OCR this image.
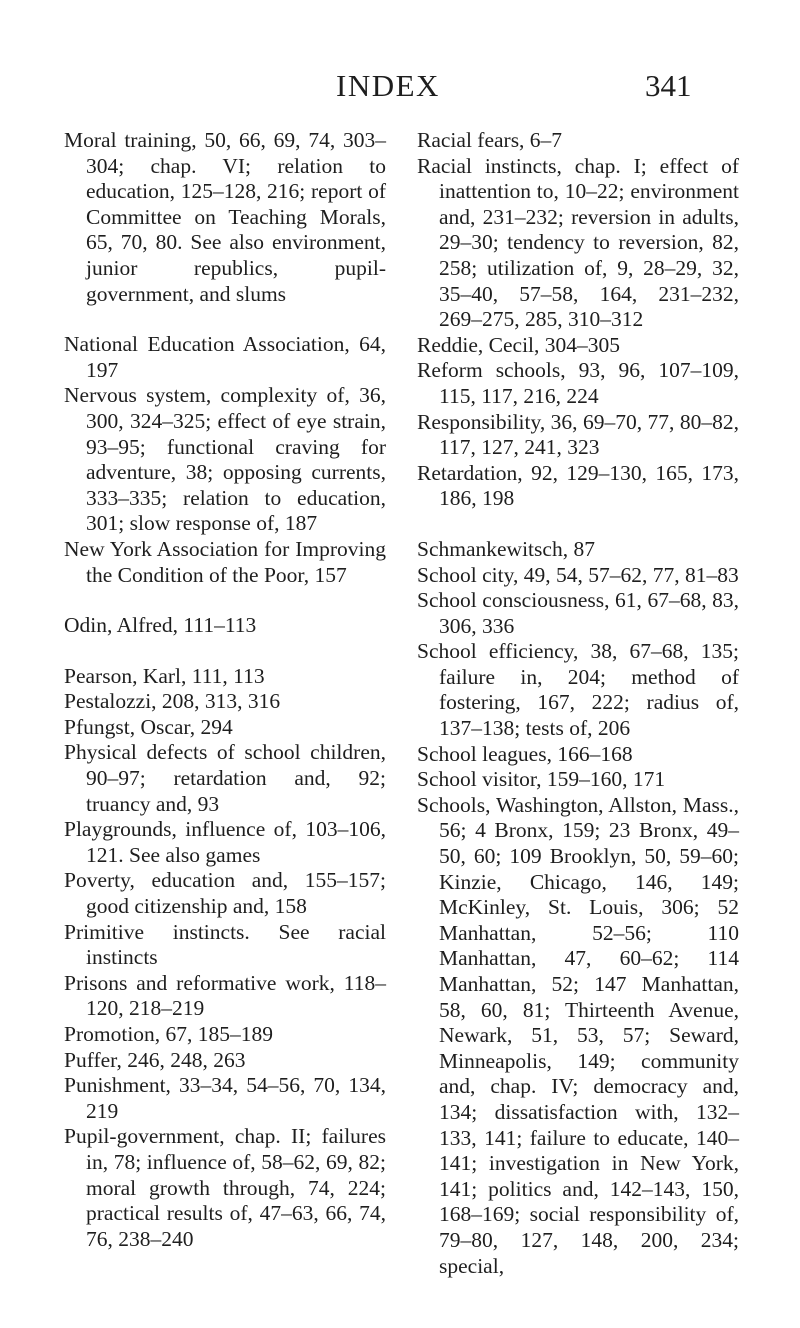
INDEX	341

Moral training, 50, 66, 69, 74, 303–304; chap. VI; relation to education, 125–128, 216; report of Committee on Teaching Morals, 65, 70, 80. See also environment, junior republics, pupil-government, and slums

National Education Association, 64, 197

Nervous system, complexity of, 36, 300, 324–325; effect of eye strain, 93–95; functional craving for adventure, 38; opposing currents, 333–335; relation to education, 301; slow response of, 187

New York Association for Improving the Condition of the Poor, 157

Odin, Alfred, 111–113

Pearson, Karl, 111, 113

Pestalozzi, 208, 313, 316

Pfungst, Oscar, 294

Physical defects of school children, 90–97; retardation and, 92; truancy and, 93

Playgrounds, influence of, 103–106, 121. See also games

Poverty, education and, 155–157; good citizenship and, 158

Primitive instincts. See racial instincts

Prisons and reformative work, 118–120, 218–219

Promotion, 67, 185–189

Puffer, 246, 248, 263

Punishment, 33–34, 54–56, 70, 134, 219

Pupil-government, chap. II; failures in, 78; influence of, 58–62, 69, 82; moral growth through, 74, 224; practical results of, 47–63, 66, 74, 76, 238–240

Racial fears, 6–7

Racial instincts, chap. I; effect of inattention to, 10–22; environment and, 231–232; reversion in adults, 29–30; tendency to reversion, 82, 258; utilization of, 9, 28–29, 32, 35–40, 57–58, 164, 231–232, 269–275, 285, 310–312

Reddie, Cecil, 304–305

Reform schools, 93, 96, 107–109, 115, 117, 216, 224

Responsibility, 36, 69–70, 77, 80–82, 117, 127, 241, 323

Retardation, 92, 129–130, 165, 173, 186, 198

Schmankewitsch, 87

School city, 49, 54, 57–62, 77, 81–83

School consciousness, 61, 67–68, 83, 306, 336

School efficiency, 38, 67–68, 135; failure in, 204; method of fostering, 167, 222; radius of, 137–138; tests of, 206

School leagues, 166–168

School visitor, 159–160, 171

Schools, Washington, Allston, Mass., 56; 4 Bronx, 159; 23 Bronx, 49–50, 60; 109 Brooklyn, 50, 59–60; Kinzie, Chicago, 146, 149; McKinley, St. Louis, 306; 52 Manhattan, 52–56; 110 Manhattan, 47, 60–62; 114 Manhattan, 52; 147 Manhattan, 58, 60, 81; Thirteenth Avenue, Newark, 51, 53, 57; Seward, Minneapolis, 149; community and, chap. IV; democracy and, 134; dissatisfaction with, 132–133, 141; failure to educate, 140–141; investigation in New York, 141; politics and, 142–143, 150, 168–169; social responsibility of, 79–80, 127, 148, 200, 234; special,
